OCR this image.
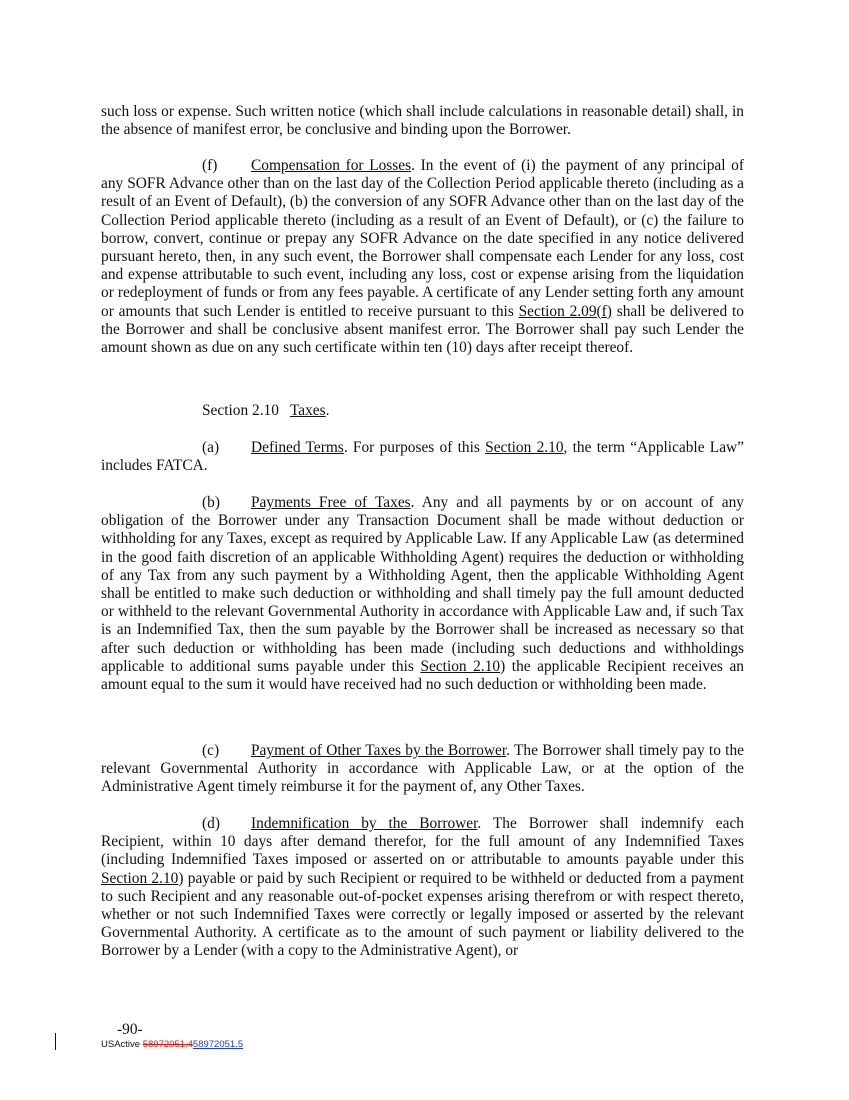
such loss or expense. Such written notice (which shall include calculations in reasonable detail) shall, in the absence of manifest error, be conclusive and binding upon the Borrower.

(f) Compensation for Losses. In the event of (i) the payment of any principal of any SOFR Advance other than on the last day of the Collection Period applicable thereto (including as a result of an Event of Default), (b) the conversion of any SOFR Advance other than on the last day of the Collection Period applicable thereto (including as a result of an Event of Default), or (c) the failure to borrow, convert, continue or prepay any SOFR Advance on the date specified in any notice delivered pursuant hereto, then, in any such event, the Borrower shall compensate each Lender for any loss, cost and expense attributable to such event, including any loss, cost or expense arising from the liquidation or redeployment of funds or from any fees payable. A certificate of any Lender setting forth any amount or amounts that such Lender is entitled to receive pursuant to this Section 2.09(f) shall be delivered to the Borrower and shall be conclusive absent manifest error. The Borrower shall pay such Lender the amount shown as due on any such certificate within ten (10) days after receipt thereof.

Section 2.10 Taxes.

(a) Defined Terms. For purposes of this Section 2.10, the term “Applicable Law” includes FATCA.

(b) Payments Free of Taxes. Any and all payments by or on account of any obligation of the Borrower under any Transaction Document shall be made without deduction or withholding for any Taxes, except as required by Applicable Law. If any Applicable Law (as determined in the good faith discretion of an applicable Withholding Agent) requires the deduction or withholding of any Tax from any such payment by a Withholding Agent, then the applicable Withholding Agent shall be entitled to make such deduction or withholding and shall timely pay the full amount deducted or withheld to the relevant Governmental Authority in accordance with Applicable Law and, if such Tax is an Indemnified Tax, then the sum payable by the Borrower shall be increased as necessary so that after such deduction or withholding has been made (including such deductions and withholdings applicable to additional sums payable under this Section 2.10) the applicable Recipient receives an amount equal to the sum it would have received had no such deduction or withholding been made.

(c) Payment of Other Taxes by the Borrower. The Borrower shall timely pay to the relevant Governmental Authority in accordance with Applicable Law, or at the option of the Administrative Agent timely reimburse it for the payment of, any Other Taxes.

(d) Indemnification by the Borrower. The Borrower shall indemnify each Recipient, within 10 days after demand therefor, for the full amount of any Indemnified Taxes (including Indemnified Taxes imposed or asserted on or attributable to amounts payable under this Section 2.10) payable or paid by such Recipient or required to be withheld or deducted from a payment to such Recipient and any reasonable out-of-pocket expenses arising therefrom or with respect thereto, whether or not such Indemnified Taxes were correctly or legally imposed or asserted by the relevant Governmental Authority. A certificate as to the amount of such payment or liability delivered to the Borrower by a Lender (with a copy to the Administrative Agent), or

-90-

USActive 58972051.458972051.5
